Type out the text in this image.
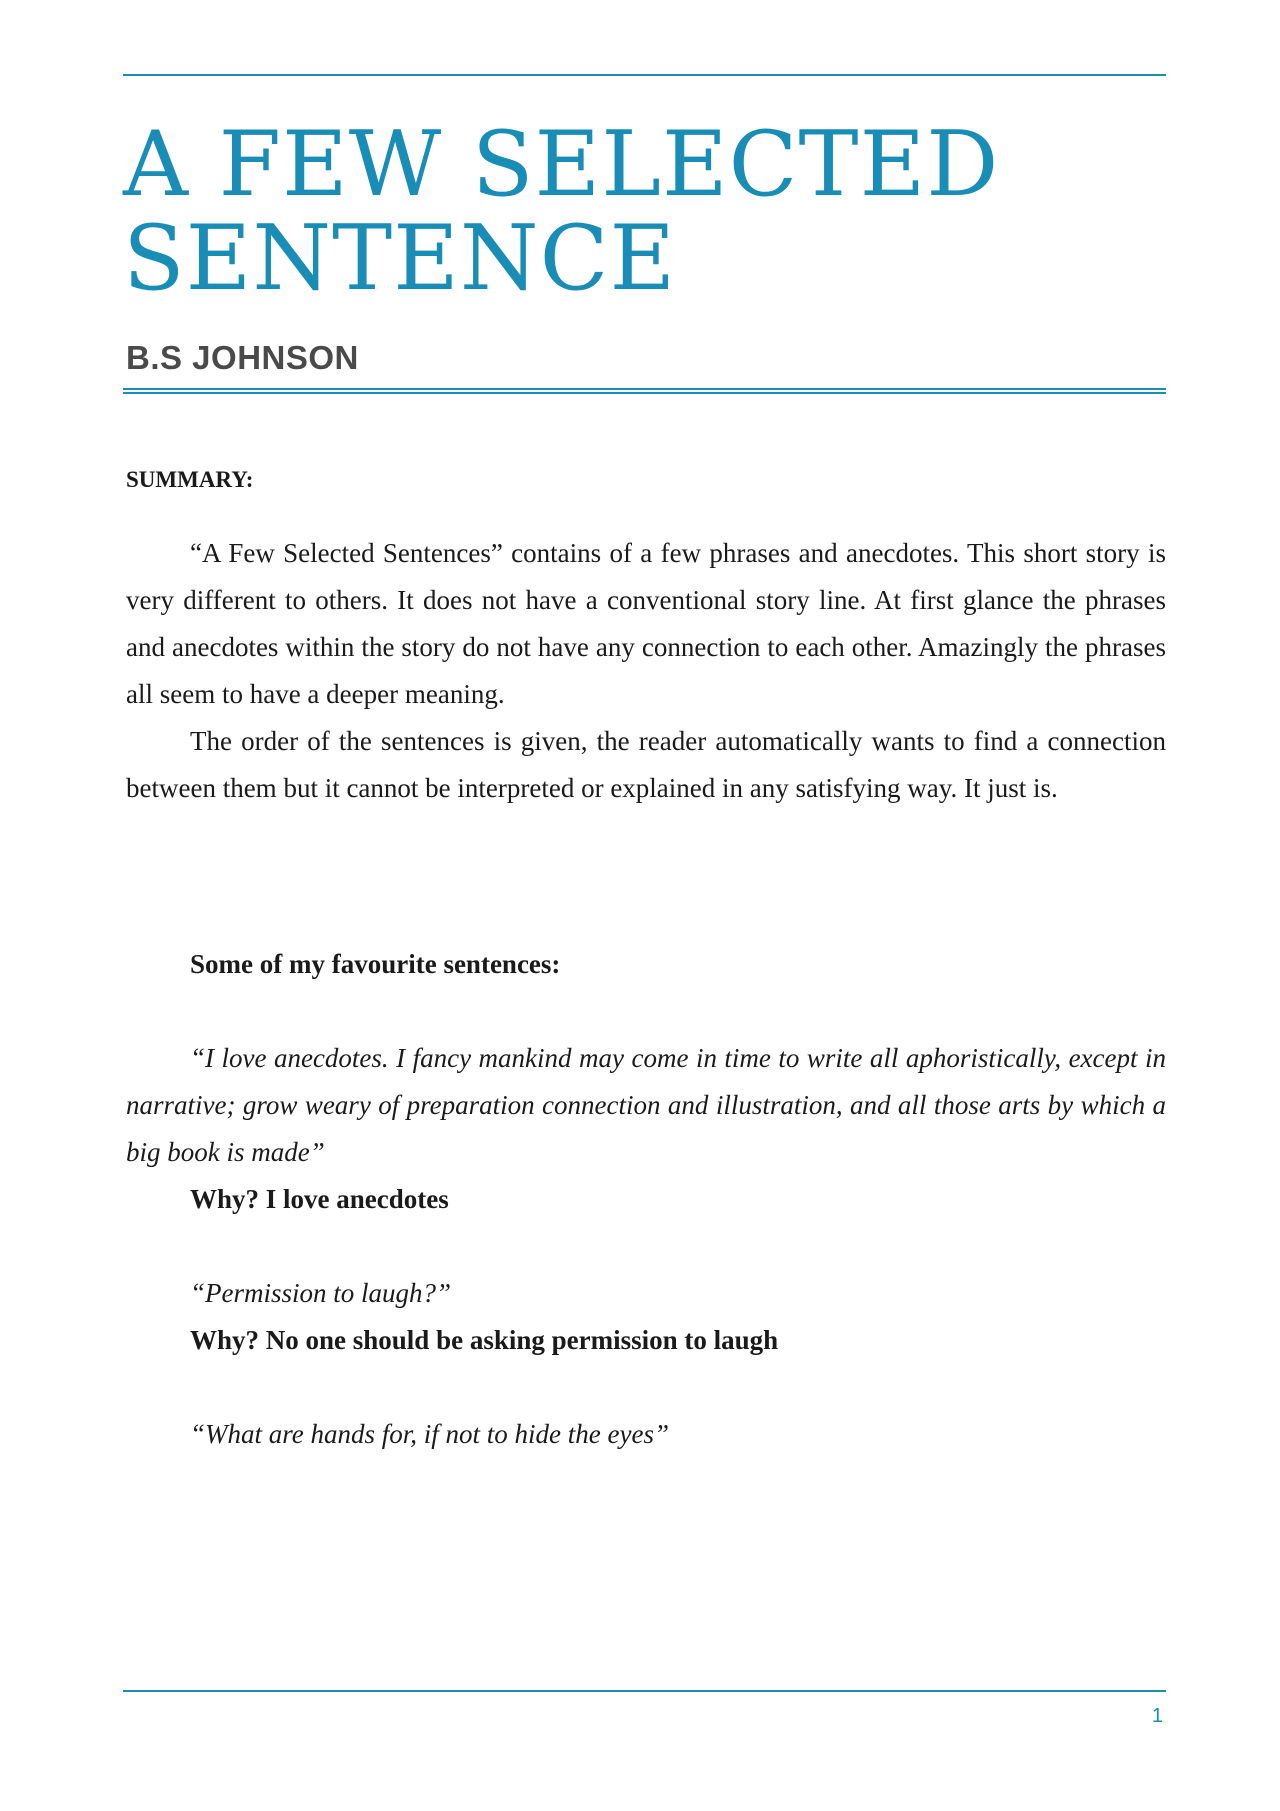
A FEW SELECTED
SENTENCE
B.S JOHNSON

SUMMARY:

“A Few Selected Sentences” contains of a few phrases and anecdotes. This short story is very different to others. It does not have a conventional story line. At first glance the phrases and anecdotes within the story do not have any connection to each other. Amazingly the phrases all seem to have a deeper meaning.

The order of the sentences is given, the reader automatically wants to find a connection between them but it cannot be interpreted or explained in any satisfying way. It just is.

Some of my favourite sentences:

“I love anecdotes. I fancy mankind may come in time to write all aphoristically, except in narrative; grow weary of preparation connection and illustration, and all those arts by which a big book is made”

Why? I love anecdotes

“Permission to laugh?”

Why? No one should be asking permission to laugh

“What are hands for, if not to hide the eyes”

1
